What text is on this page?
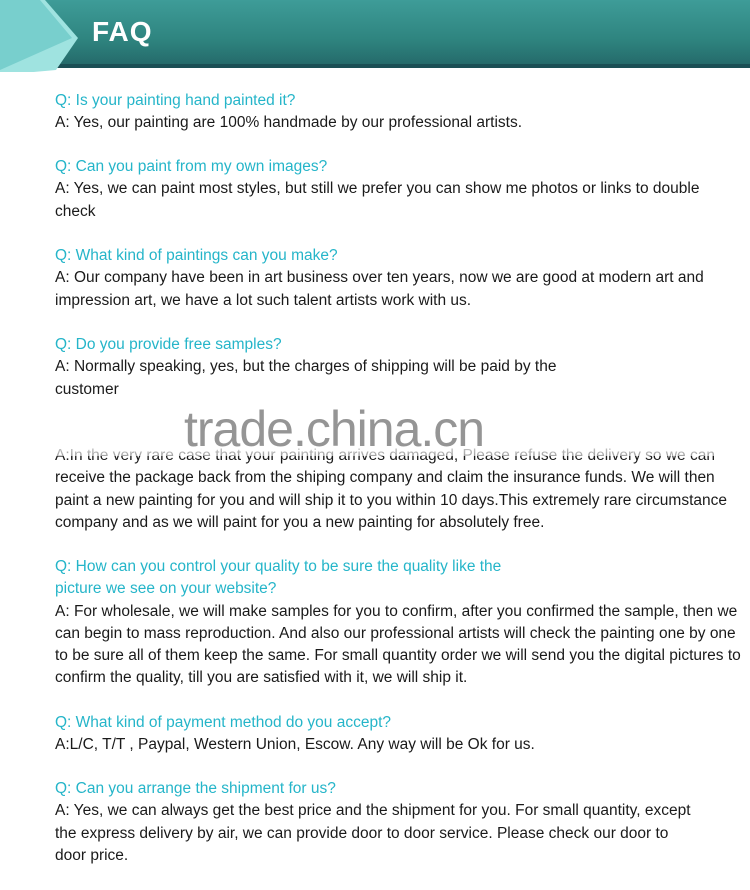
FAQ
Q: Is your painting hand painted it?
A: Yes, our painting are 100% handmade by our professional artists.
Q: Can you paint from my own images?
A: Yes, we can paint most styles, but still we prefer you can show me photos or links to double check
Q: What kind of paintings can you make?
A: Our company have been in art business over ten years, now we are good at modern art and impression art, we have a lot such talent artists work with us.
Q: Do you provide free samples?
A: Normally speaking, yes, but the charges of shipping will be paid by the customer
receive the package back from the shiping company and claim the insurance funds. We will then paint a new painting for you and will ship it to you within 10 days.This extremely rare circumstance company and as we will paint for you a new painting for absolutely free.
Q: How can you control your quality to be sure the quality like the picture we see on your website?
A: For wholesale, we will make samples for you to confirm, after you confirmed the sample, then we can begin to mass reproduction. And also our professional artists will check the painting one by one to be sure all of them keep the same. For small quantity order we will send you the digital pictures to confirm the quality, till you are satisfied with it, we will ship it.
Q: What kind of payment method do you accept?
A:L/C, T/T , Paypal, Western Union, Escow. Any way will be Ok for us.
Q: Can you arrange the shipment for us?
A: Yes, we can always get the best price and the shipment for you. For small quantity, except the express delivery by air, we can provide door to door service. Please check our door to door price.
trade.china.cn
